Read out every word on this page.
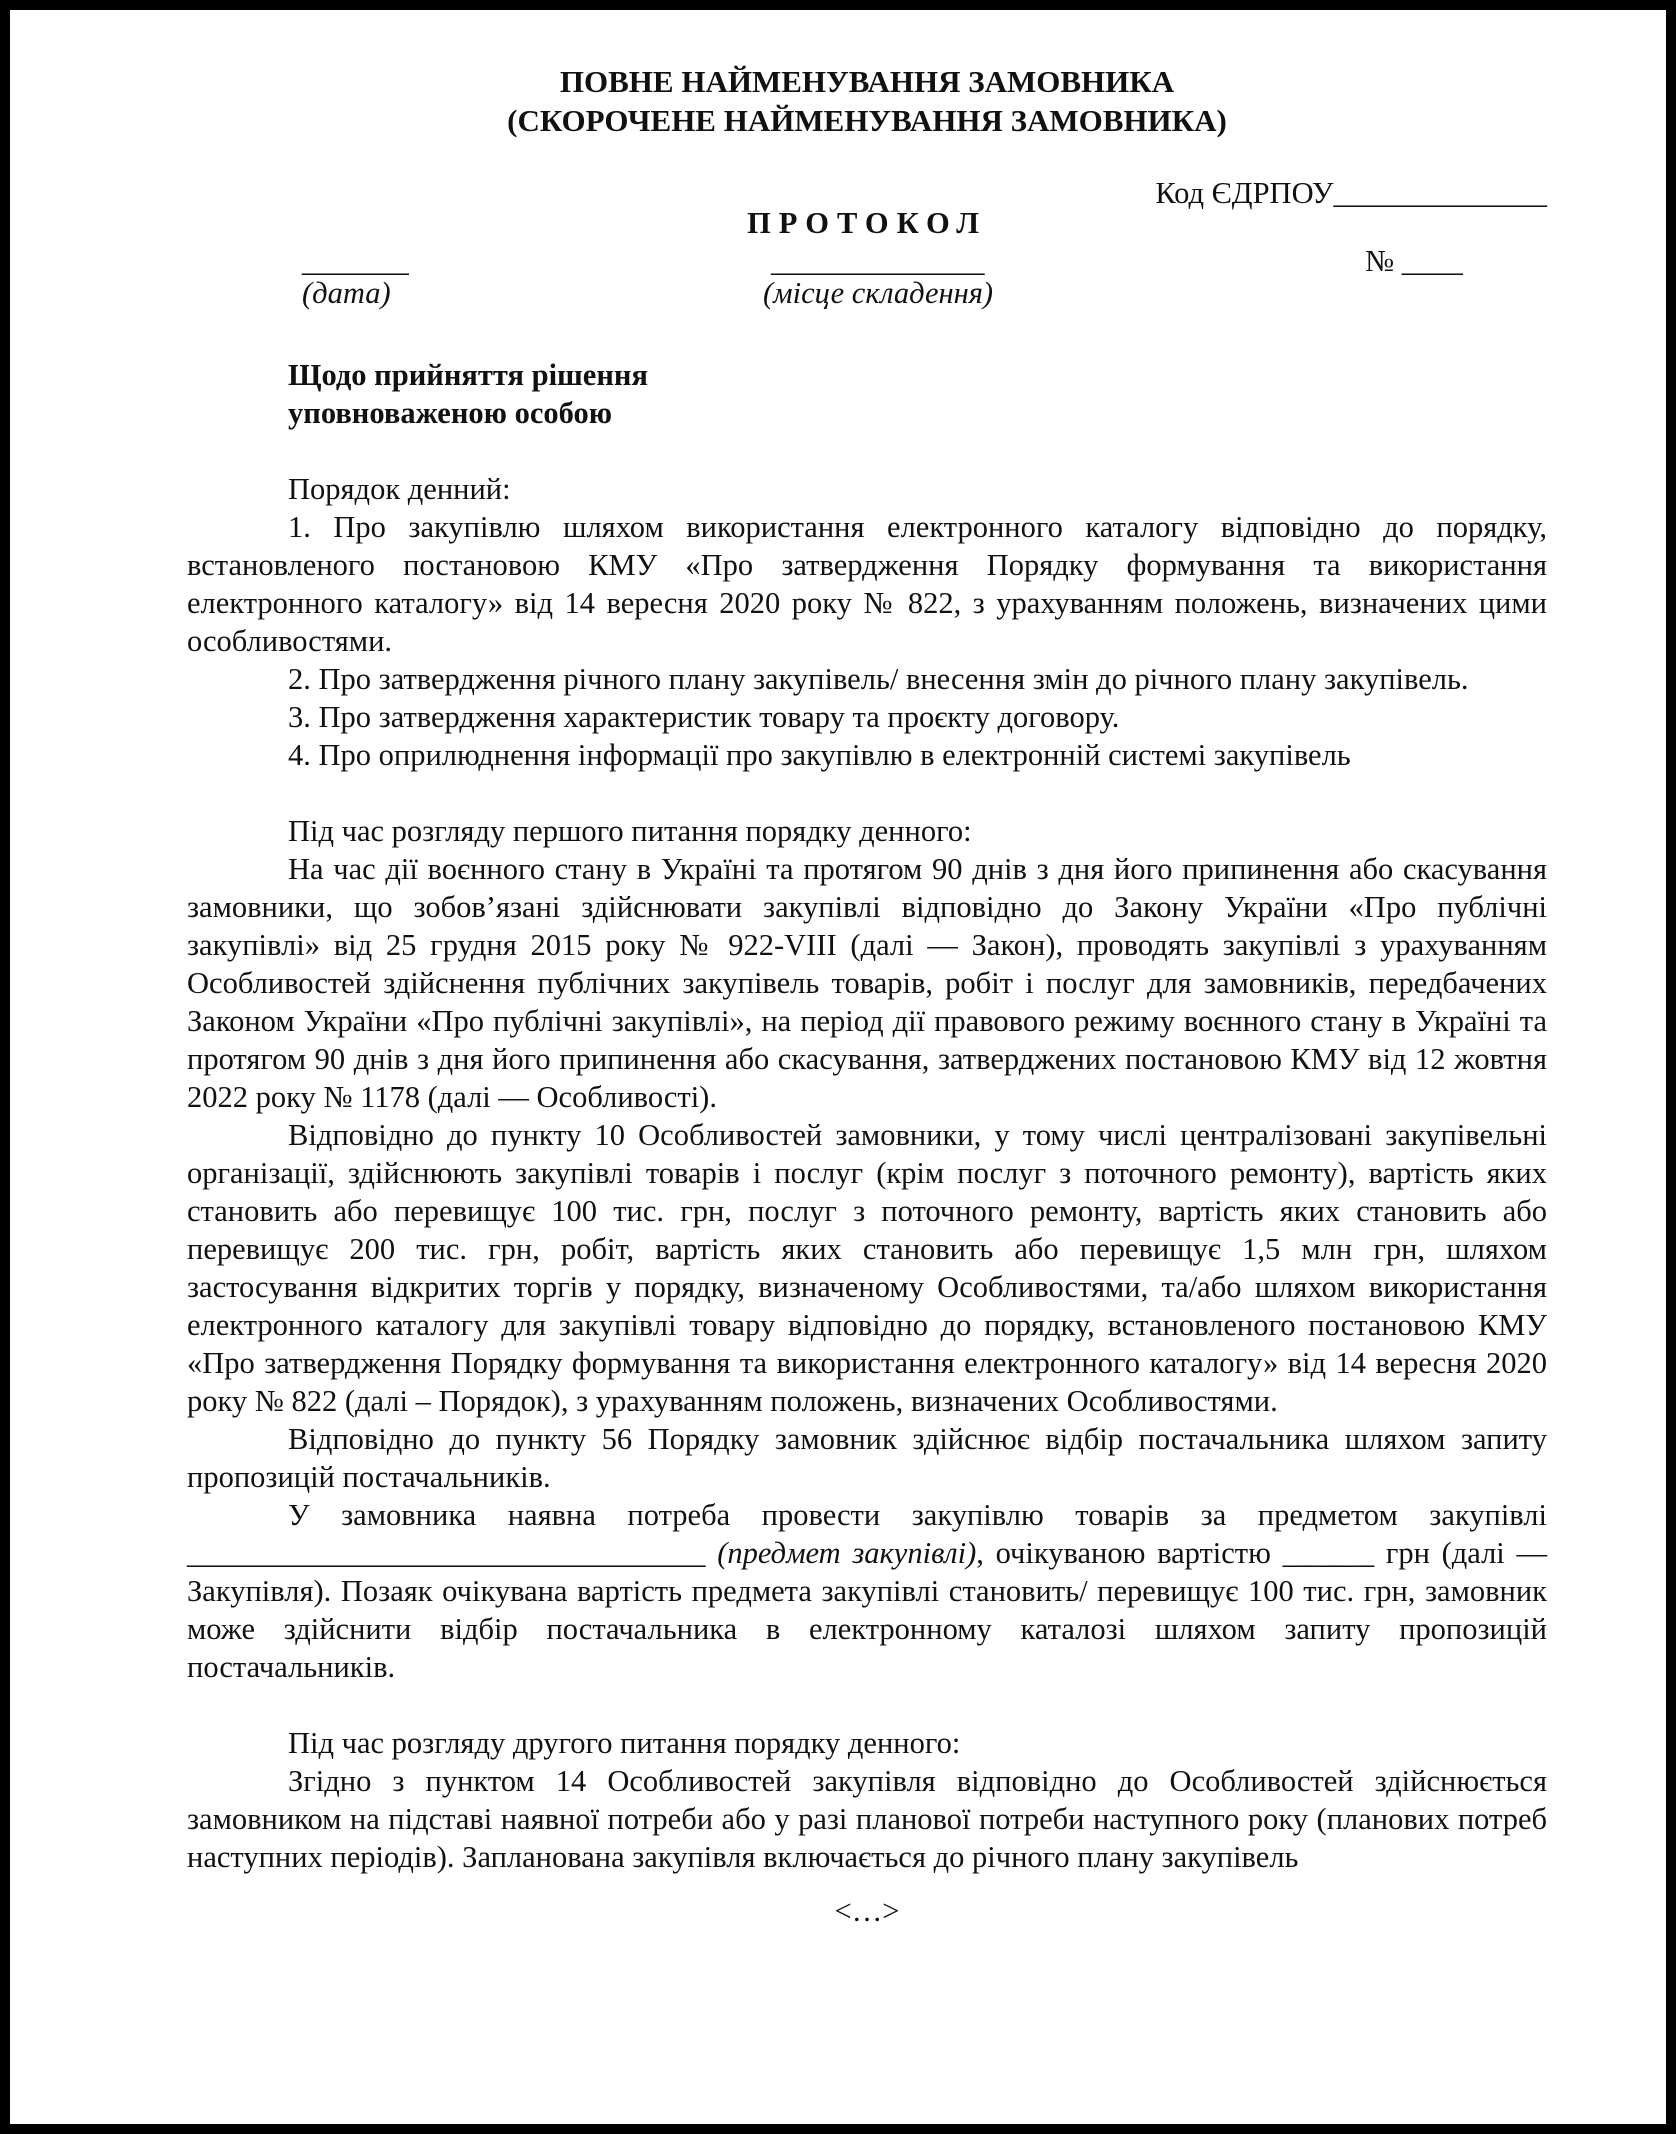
ПОВНЕ НАЙМЕНУВАННЯ ЗАМОВНИКА
(СКОРОЧЕНЕ НАЙМЕНУВАННЯ ЗАМОВНИКА)
Код ЄДРПОУ______________
ПРОТОКОЛ
_______
(дата)
______________
(місце складення)
№ ____
Щодо прийняття рішення
уповноваженою особою
Порядок денний:

1. Про закупівлю шляхом використання електронного каталогу відповідно до порядку, встановленого постановою КМУ «Про затвердження Порядку формування та використання електронного каталогу» від 14 вересня 2020 року № 822, з урахуванням положень, визначених цими особливостями.

2. Про затвердження річного плану закупівель/ внесення змін до річного плану закупівель.

3. Про затвердження характеристик товару та проєкту договору.

4. Про оприлюднення інформації про закупівлю в електронній системі закупівель

Під час розгляду першого питання порядку денного:

На час дії воєнного стану в Україні та протягом 90 днів з дня його припинення або скасування замовники, що зобов’язані здійснювати закупівлі відповідно до Закону України «Про публічні закупівлі» від 25 грудня 2015 року № 922-VIII (далі — Закон), проводять закупівлі з урахуванням Особливостей здійснення публічних закупівель товарів, робіт і послуг для замовників, передбачених Законом України «Про публічні закупівлі», на період дії правового режиму воєнного стану в Україні та протягом 90 днів з дня його припинення або скасування, затверджених постановою КМУ від 12 жовтня 2022 року № 1178 (далі — Особливості).

Відповідно до пункту 10 Особливостей замовники, у тому числі централізовані закупівельні організації, здійснюють закупівлі товарів і послуг (крім послуг з поточного ремонту), вартість яких становить або перевищує 100 тис. грн, послуг з поточного ремонту, вартість яких становить або перевищує 200 тис. грн, робіт, вартість яких становить або перевищує 1,5 млн грн, шляхом застосування відкритих торгів у порядку, визначеному Особливостями, та/або шляхом використання електронного каталогу для закупівлі товару відповідно до порядку, встановленого постановою КМУ «Про затвердження Порядку формування та використання електронного каталогу» від 14 вересня 2020 року № 822 (далі – Порядок), з урахуванням положень, визначених Особливостями.

Відповідно до пункту 56 Порядку замовник здійснює відбір постачальника шляхом запиту пропозицій постачальників.

У замовника наявна потреба провести закупівлю товарів за предметом закупівлі __________________________________ (предмет закупівлі), очікуваною вартістю ______ грн (далі — Закупівля). Позаяк очікувана вартість предмета закупівлі становить/ перевищує 100 тис. грн, замовник може здійснити відбір постачальника в електронному каталозі шляхом запиту пропозицій постачальників.

Під час розгляду другого питання порядку денного:

Згідно з пунктом 14 Особливостей закупівля відповідно до Особливостей здійснюється замовником на підставі наявної потреби або у разі планової потреби наступного року (планових потреб наступних періодів). Запланована закупівля включається до річного плану закупівель

<…>
